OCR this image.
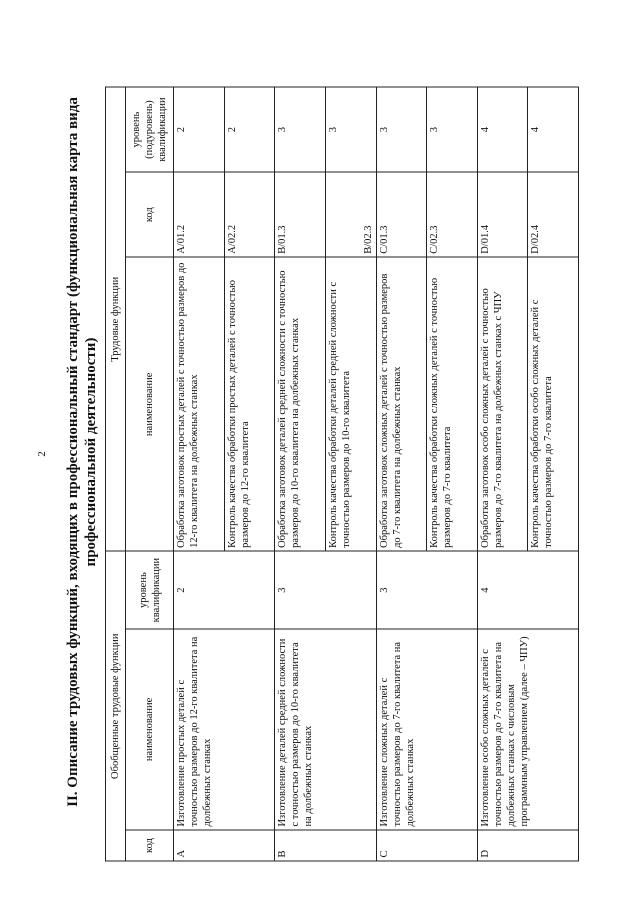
2 II. Описание трудовых функций, входящих в профессиональный стандарт (функциональная карта вида профессиональной деятельности)
Обобщенные трудовые функции			Трудовые функции		
код	наименование	уровень квалификации	наименование	код	уровень (подуровень) квалификации
A	Изготовление простых деталей с точностью размеров до 12-го квалитета на долбежных станках	2	Обработка заготовок простых деталей с точностью размеров до 12-го квалитета на долбежных станках	A/01.2	2
			Контроль качества обработки простых деталей с точностью размеров до 12-го квалитета	A/02.2	2
B	Изготовление деталей средней сложности с точностью размеров до 10-го квалитета на долбежных станках	3	Обработка заготовок деталей средней сложности с точностью размеров до 10-го квалитета на долбежных станках	B/01.3	3
			Контроль качества обработки деталей средней сложности с точностью размеров до 10-го квалитета	B/02.3	3
C	Изготовление сложных деталей с точностью размеров до 7-го квалитета на долбежных станках	3	Обработка заготовок сложных деталей с точностью размеров до 7-го квалитета на долбежных станках	C/01.3	3
			Контроль качества обработки сложных деталей с точностью размеров до 7-го квалитета	C/02.3	3
D	Изготовление особо сложных деталей с точностью размеров до 7-го квалитета на долбежных станках с числовым программным управлением (далее – ЧПУ)	4	Обработка заготовок особо сложных деталей с точностью размеров до 7-го квалитета на долбежных станках с ЧПУ	D/01.4	4
			Контроль качества обработки особо сложных деталей с точностью размеров до 7-го квалитета	D/02.4	4
